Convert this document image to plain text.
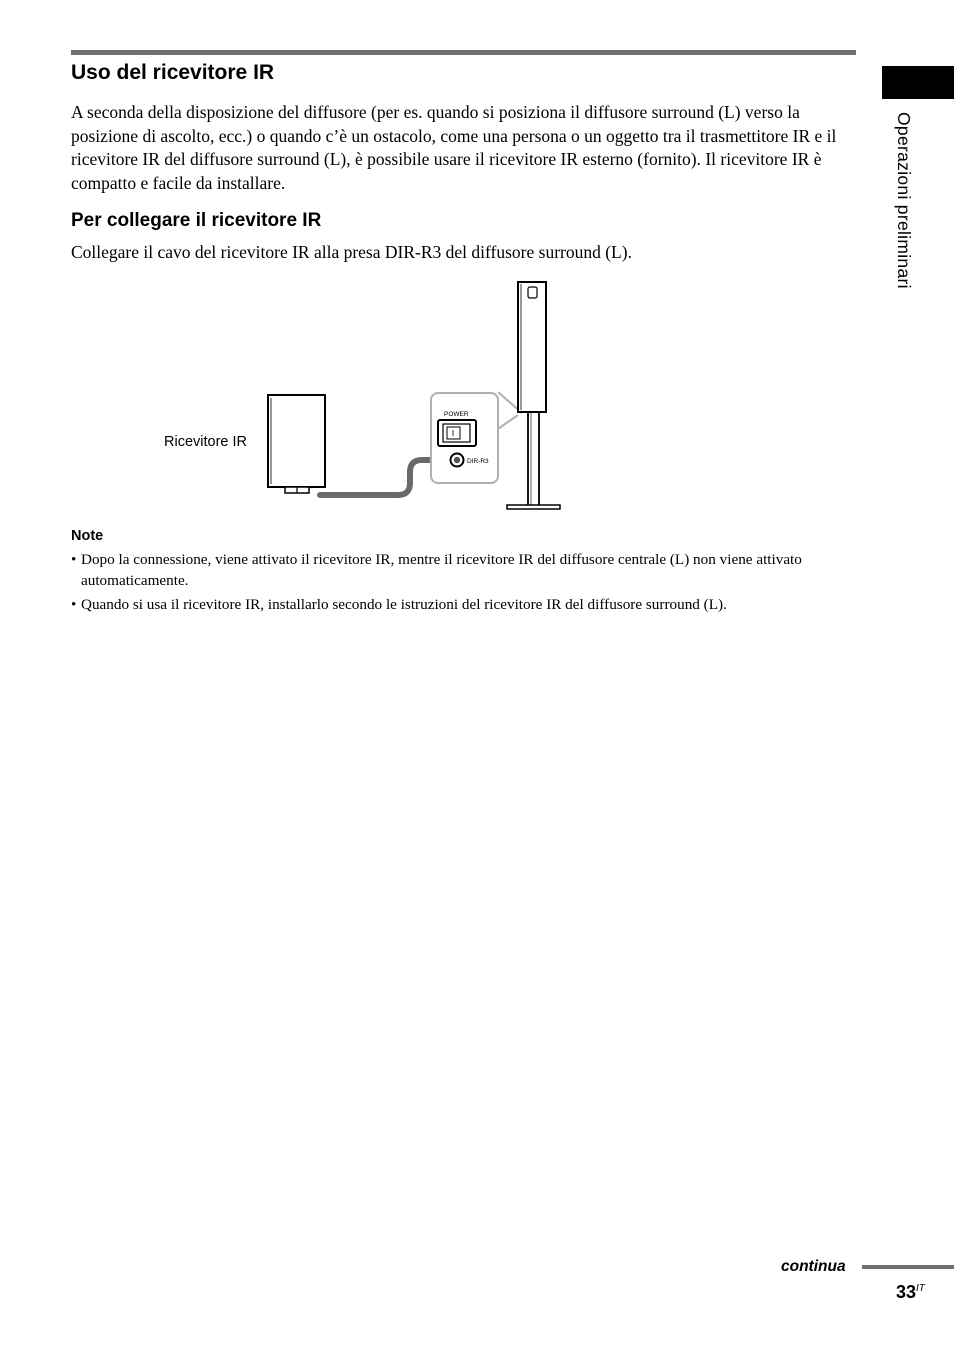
Uso del ricevitore IR
A seconda della disposizione del diffusore (per es. quando si posiziona il diffusore surround (L) verso la posizione di ascolto, ecc.) o quando c’è un ostacolo, come una persona o un oggetto tra il trasmettitore IR e il ricevitore IR del diffusore surround (L), è possibile usare il ricevitore IR esterno (fornito). Il ricevitore IR è compatto e facile da installare.
Per collegare il ricevitore IR
Collegare il cavo del ricevitore IR alla presa DIR-R3 del diffusore surround (L).
Ricevitore IR
POWER
DIR-R3
Note
• Dopo la connessione, viene attivato il ricevitore IR, mentre il ricevitore IR del diffusore centrale (L) non viene attivato automaticamente.
• Quando si usa il ricevitore IR, installarlo secondo le istruzioni del ricevitore IR del diffusore surround (L).
Operazioni preliminari
continua
$33^{IT}$
